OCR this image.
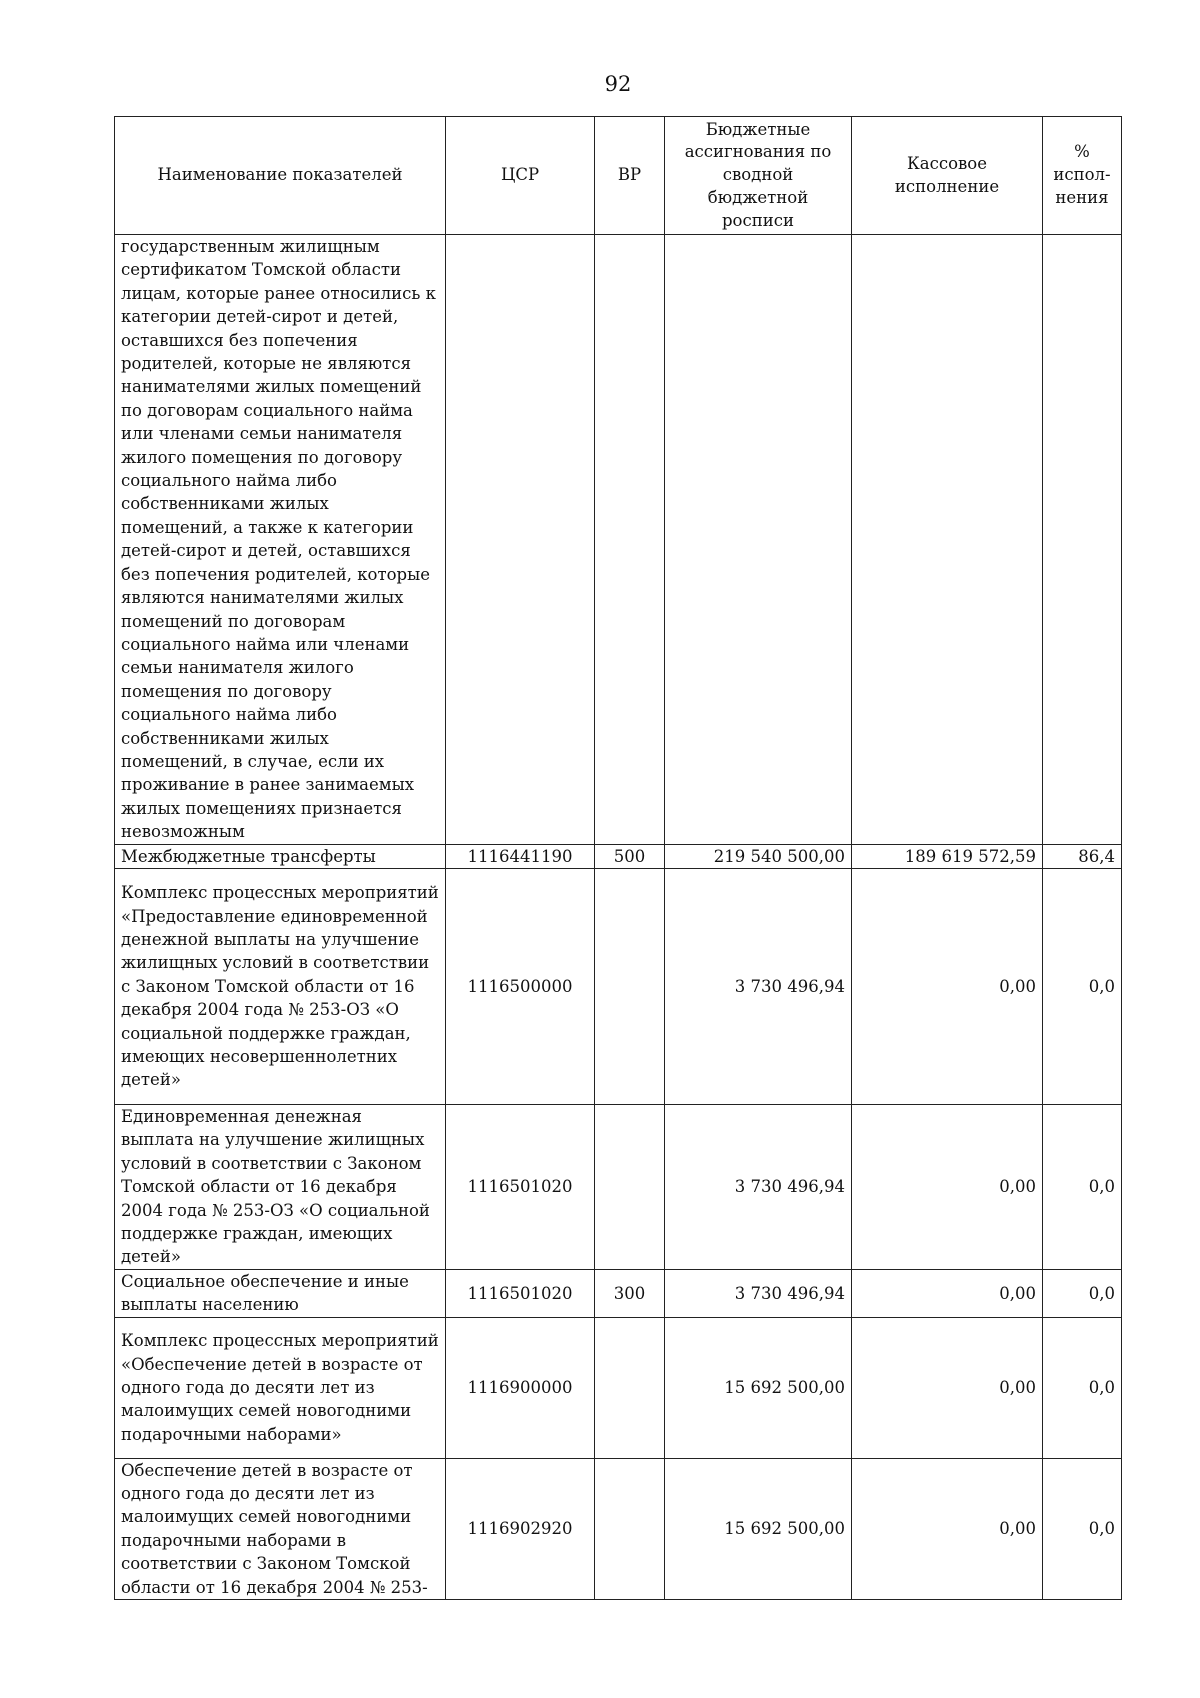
92
Наименование показателей	ЦСР	ВР	Бюджетные ассигнования по сводной бюджетной росписи	Кассовое исполнение	% испол-нения
государственным жилищным сертификатом Томской области лицам, которые ранее относились к категории детей-сирот и детей, оставшихся без попечения родителей, которые не являются нанимателями жилых помещений по договорам социального найма или членами семьи нанимателя жилого помещения по договору социального найма либо собственниками жилых помещений, а также к категории детей-сирот и детей, оставшихся без попечения родителей, которые являются нанимателями жилых помещений по договорам социального найма или членами семьи нанимателя жилого помещения по договору социального найма либо собственниками жилых помещений, в случае, если их проживание в ранее занимаемых жилых помещениях признается невозможным					
Межбюджетные трансферты	1116441190	500	219 540 500,00	189 619 572,59	86,4
Комплекс процессных мероприятий «Предоставление единовременной денежной выплаты на улучшение жилищных условий в соответствии с Законом Томской области от 16 декабря 2004 года № 253-ОЗ «О социальной поддержке граждан, имеющих несовершеннолетних детей»	1116500000		3 730 496,94	0,00	0,0
Единовременная денежная выплата на улучшение жилищных условий в соответствии с Законом Томской области от 16 декабря 2004 года № 253-ОЗ «О социальной поддержке граждан, имеющих детей»	1116501020		3 730 496,94	0,00	0,0
Социальное обеспечение и иные выплаты населению	1116501020	300	3 730 496,94	0,00	0,0
Комплекс процессных мероприятий «Обеспечение детей в возрасте от одного года до десяти лет из малоимущих семей новогодними подарочными наборами»	1116900000		15 692 500,00	0,00	0,0
Обеспечение детей в возрасте от одного года до десяти лет из малоимущих семей новогодними подарочными наборами в соответствии с Законом Томской области от 16 декабря 2004 № 253-	1116902920		15 692 500,00	0,00	0,0
